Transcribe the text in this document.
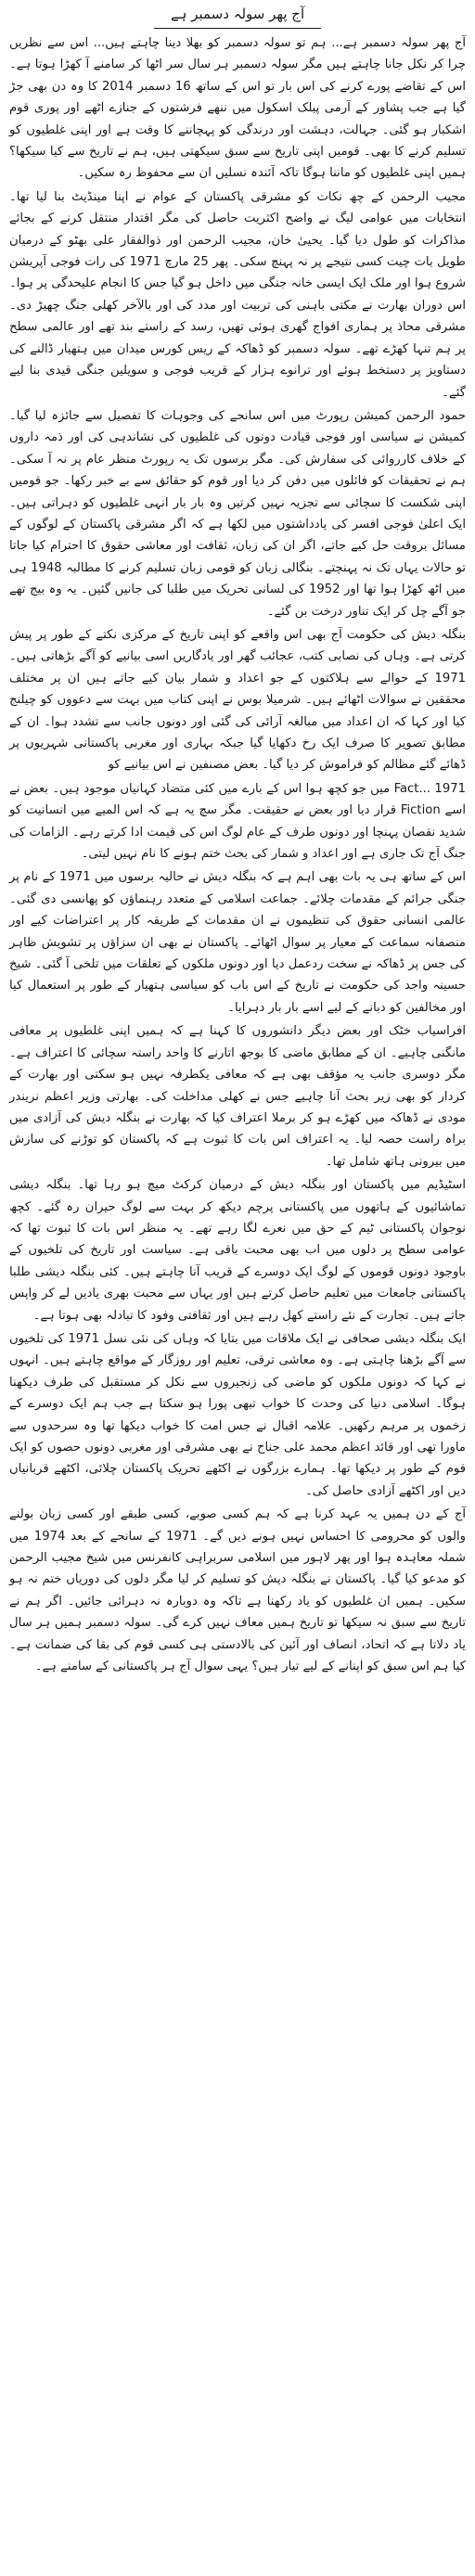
آج پھر سولہ دسمبر ہے

آج پھر سولہ دسمبر ہے... ہم تو سولہ دسمبر کو بھلا دینا چاہتے ہیں... اس سے نظریں چرا کر نکل جانا چاہتے ہیں مگر سولہ دسمبر ہر سال سر اٹھا کر سامنے آ کھڑا ہوتا ہے۔ اس کے تقاضے پورے کرنے کی اس بار تو اس کے ساتھ 16 دسمبر 2014 کا وہ دن بھی جڑ گیا ہے جب پشاور کے آرمی پبلک اسکول میں ننھے فرشتوں کے جنازے اٹھے اور پوری قوم اشکبار ہو گئی۔ جہالت، دہشت اور درندگی کو پہچاننے کا وقت ہے اور اپنی غلطیوں کو تسلیم کرنے کا بھی۔ قومیں اپنی تاریخ سے سبق سیکھتی ہیں، ہم نے تاریخ سے کیا سیکھا؟ ہمیں اپنی غلطیوں کو ماننا ہوگا تاکہ آئندہ نسلیں ان سے محفوظ رہ سکیں۔

مجیب الرحمن کے چھ نکات کو مشرقی پاکستان کے عوام نے اپنا مینڈیٹ بنا لیا تھا۔ انتخابات میں عوامی لیگ نے واضح اکثریت حاصل کی مگر اقتدار منتقل کرنے کے بجائے مذاکرات کو طول دیا گیا۔ یحییٰ خان، مجیب الرحمن اور ذوالفقار علی بھٹو کے درمیان طویل بات چیت کسی نتیجے پر نہ پہنچ سکی۔ پھر 25 مارچ 1971 کی رات فوجی آپریشن شروع ہوا اور ملک ایک ایسی خانہ جنگی میں داخل ہو گیا جس کا انجام علیحدگی پر ہوا۔ اس دوران بھارت نے مکتی باہنی کی تربیت اور مدد کی اور بالآخر کھلی جنگ چھیڑ دی۔ مشرقی محاذ پر ہماری افواج گھری ہوئی تھیں، رسد کے راستے بند تھے اور عالمی سطح پر ہم تنہا کھڑے تھے۔ سولہ دسمبر کو ڈھاکہ کے ریس کورس میدان میں ہتھیار ڈالنے کی دستاویز پر دستخط ہوئے اور ترانوے ہزار کے قریب فوجی و سویلین جنگی قیدی بنا لیے گئے۔

حمود الرحمن کمیشن رپورٹ میں اس سانحے کی وجوہات کا تفصیل سے جائزہ لیا گیا۔ کمیشن نے سیاسی اور فوجی قیادت دونوں کی غلطیوں کی نشاندہی کی اور ذمہ داروں کے خلاف کارروائی کی سفارش کی۔ مگر برسوں تک یہ رپورٹ منظر عام پر نہ آ سکی۔ ہم نے تحقیقات کو فائلوں میں دفن کر دیا اور قوم کو حقائق سے بے خبر رکھا۔ جو قومیں اپنی شکست کا سچائی سے تجزیہ نہیں کرتیں وہ بار بار انہی غلطیوں کو دہراتی ہیں۔ ایک اعلیٰ فوجی افسر کی یادداشتوں میں لکھا ہے کہ اگر مشرقی پاکستان کے لوگوں کے مسائل بروقت حل کیے جاتے، اگر ان کی زبان، ثقافت اور معاشی حقوق کا احترام کیا جاتا تو حالات یہاں تک نہ پہنچتے۔ بنگالی زبان کو قومی زبان تسلیم کرنے کا مطالبہ 1948 ہی میں اٹھ کھڑا ہوا تھا اور 1952 کی لسانی تحریک میں طلبا کی جانیں گئیں۔ یہ وہ بیج تھے جو آگے چل کر ایک تناور درخت بن گئے۔

بنگلہ دیش کی حکومت آج بھی اس واقعے کو اپنی تاریخ کے مرکزی نکتے کے طور پر پیش کرتی ہے۔ وہاں کی نصابی کتب، عجائب گھر اور یادگاریں اسی بیانیے کو آگے بڑھاتی ہیں۔ 1971 کے حوالے سے ہلاکتوں کے جو اعداد و شمار بیان کیے جاتے ہیں ان پر مختلف محققین نے سوالات اٹھائے ہیں۔ شرمیلا بوس نے اپنی کتاب میں بہت سے دعووں کو چیلنج کیا اور کہا کہ ان اعداد میں مبالغہ آرائی کی گئی اور دونوں جانب سے تشدد ہوا۔ ان کے مطابق تصویر کا صرف ایک رخ دکھایا گیا جبکہ بہاری اور مغربی پاکستانی شہریوں پر ڈھائے گئے مظالم کو فراموش کر دیا گیا۔ بعض مصنفین نے اس بیانیے کو

Fact... 1971 میں جو کچھ ہوا اس کے بارے میں کئی متضاد کہانیاں موجود ہیں۔ بعض نے اسے Fiction قرار دیا اور بعض نے حقیقت۔ مگر سچ یہ ہے کہ اس المیے میں انسانیت کو شدید نقصان پہنچا اور دونوں طرف کے عام لوگ اس کی قیمت ادا کرتے رہے۔ الزامات کی جنگ آج تک جاری ہے اور اعداد و شمار کی بحث ختم ہونے کا نام نہیں لیتی۔

اس کے ساتھ ہی یہ بات بھی اہم ہے کہ بنگلہ دیش نے حالیہ برسوں میں 1971 کے نام پر جنگی جرائم کے مقدمات چلائے۔ جماعت اسلامی کے متعدد رہنماؤں کو پھانسی دی گئی۔ عالمی انسانی حقوق کی تنظیموں نے ان مقدمات کے طریقہ کار پر اعتراضات کیے اور منصفانہ سماعت کے معیار پر سوال اٹھائے۔ پاکستان نے بھی ان سزاؤں پر تشویش ظاہر کی جس پر ڈھاکہ نے سخت ردعمل دیا اور دونوں ملکوں کے تعلقات میں تلخی آ گئی۔ شیخ حسینہ واجد کی حکومت نے تاریخ کے اس باب کو سیاسی ہتھیار کے طور پر استعمال کیا اور مخالفین کو دبانے کے لیے اسے بار بار دہرایا۔

افراسیاب خٹک اور بعض دیگر دانشوروں کا کہنا ہے کہ ہمیں اپنی غلطیوں پر معافی مانگنی چاہیے۔ ان کے مطابق ماضی کا بوجھ اتارنے کا واحد راستہ سچائی کا اعتراف ہے۔ مگر دوسری جانب یہ مؤقف بھی ہے کہ معافی یکطرفہ نہیں ہو سکتی اور بھارت کے کردار کو بھی زیر بحث آنا چاہیے جس نے کھلی مداخلت کی۔ بھارتی وزیر اعظم نریندر مودی نے ڈھاکہ میں کھڑے ہو کر برملا اعتراف کیا کہ بھارت نے بنگلہ دیش کی آزادی میں براہ راست حصہ لیا۔ یہ اعتراف اس بات کا ثبوت ہے کہ پاکستان کو توڑنے کی سازش میں بیرونی ہاتھ شامل تھا۔

اسٹیڈیم میں پاکستان اور بنگلہ دیش کے درمیان کرکٹ میچ ہو رہا تھا۔ بنگلہ دیشی تماشائیوں کے ہاتھوں میں پاکستانی پرچم دیکھ کر بہت سے لوگ حیران رہ گئے۔ کچھ نوجوان پاکستانی ٹیم کے حق میں نعرے لگا رہے تھے۔ یہ منظر اس بات کا ثبوت تھا کہ عوامی سطح پر دلوں میں اب بھی محبت باقی ہے۔ سیاست اور تاریخ کی تلخیوں کے باوجود دونوں قوموں کے لوگ ایک دوسرے کے قریب آنا چاہتے ہیں۔ کئی بنگلہ دیشی طلبا پاکستانی جامعات میں تعلیم حاصل کرتے ہیں اور یہاں سے محبت بھری یادیں لے کر واپس جاتے ہیں۔ تجارت کے نئے راستے کھل رہے ہیں اور ثقافتی وفود کا تبادلہ بھی ہوتا ہے۔

ایک بنگلہ دیشی صحافی نے ایک ملاقات میں بتایا کہ وہاں کی نئی نسل 1971 کی تلخیوں سے آگے بڑھنا چاہتی ہے۔ وہ معاشی ترقی، تعلیم اور روزگار کے مواقع چاہتے ہیں۔ انہوں نے کہا کہ دونوں ملکوں کو ماضی کی زنجیروں سے نکل کر مستقبل کی طرف دیکھنا ہوگا۔ اسلامی دنیا کی وحدت کا خواب تبھی پورا ہو سکتا ہے جب ہم ایک دوسرے کے زخموں پر مرہم رکھیں۔ علامہ اقبال نے جس امت کا خواب دیکھا تھا وہ سرحدوں سے ماورا تھی اور قائد اعظم محمد علی جناح نے بھی مشرقی اور مغربی دونوں حصوں کو ایک قوم کے طور پر دیکھا تھا۔ ہمارے بزرگوں نے اکٹھے تحریک پاکستان چلائی، اکٹھے قربانیاں دیں اور اکٹھے آزادی حاصل کی۔

آج کے دن ہمیں یہ عہد کرنا ہے کہ ہم کسی صوبے، کسی طبقے اور کسی زبان بولنے والوں کو محرومی کا احساس نہیں ہونے دیں گے۔ 1971 کے سانحے کے بعد 1974 میں شملہ معاہدہ ہوا اور پھر لاہور میں اسلامی سربراہی کانفرنس میں شیخ مجیب الرحمن کو مدعو کیا گیا۔ پاکستان نے بنگلہ دیش کو تسلیم کر لیا مگر دلوں کی دوریاں ختم نہ ہو سکیں۔ ہمیں ان غلطیوں کو یاد رکھنا ہے تاکہ وہ دوبارہ نہ دہرائی جائیں۔ اگر ہم نے تاریخ سے سبق نہ سیکھا تو تاریخ ہمیں معاف نہیں کرے گی۔ سولہ دسمبر ہمیں ہر سال یاد دلاتا ہے کہ اتحاد، انصاف اور آئین کی بالادستی ہی کسی قوم کی بقا کی ضمانت ہے۔ کیا ہم اس سبق کو اپنانے کے لیے تیار ہیں؟ یہی سوال آج ہر پاکستانی کے سامنے ہے۔
